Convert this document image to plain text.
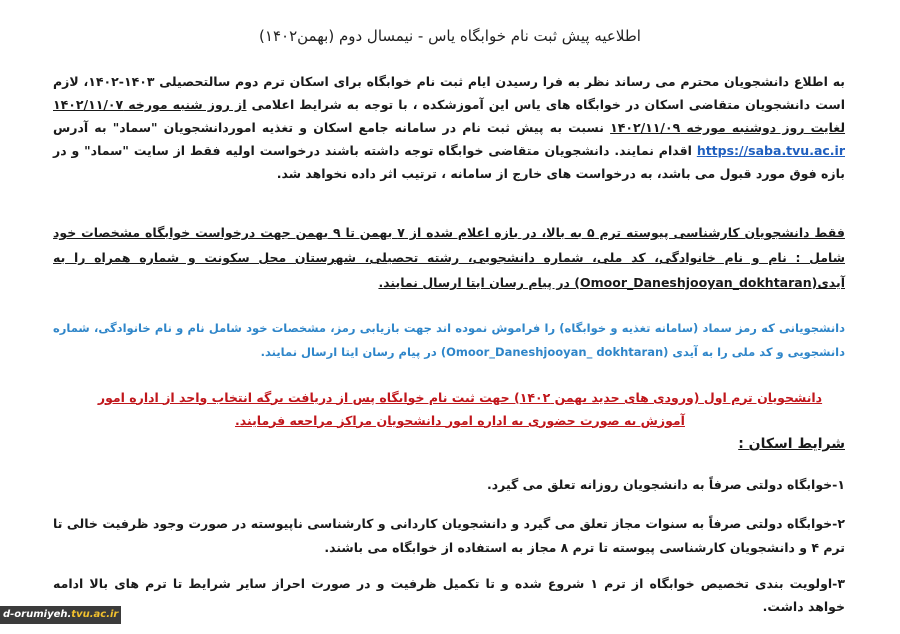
اطلاعیه پیش ثبت نام خوابگاه یاس - نیمسال دوم (بهمن۱۴۰۲)

به اطلاع دانشجویان محترم می رساند نظر به فرا رسیدن ایام ثبت نام خوابگاه برای اسکان ترم دوم سالتحصیلی ۱۴۰۳-۱۴۰۲، لازم است دانشجویان متقاضی اسکان در خوابگاه های یاس این آموزشکده ، با توجه به شرایط اعلامی از روز شنبه مورخه ۱۴۰۲/۱۱/۰۷ لغایت روز دوشنبه مورخه ۱۴۰۲/۱۱/۰۹ نسبت به پیش ثبت نام در سامانه جامع اسکان و تغذیه اموردانشجویان "سماد" به آدرس https://saba.tvu.ac.ir اقدام نمایند. دانشجویان متقاضی خوابگاه توجه داشته باشند درخواست اولیه فقط از سایت "سماد" و در بازه فوق مورد قبول می باشد، به درخواست های خارج از سامانه ، ترتیب اثر داده نخواهد شد.

فقط دانشجویان کارشناسی پیوسته ترم ۵ به بالا، در بازه اعلام شده از ۷ بهمن تا ۹ بهمن جهت درخواست خوابگاه مشخصات خود شامل : نام و نام خانوادگی، کد ملی، شماره دانشجویی، رشته تحصیلی، شهرستان محل سکونت و شماره همراه را به آیدی(Omoor_Daneshjooyan_dokhtaran) در پیام رسان ایتا ارسال نمایند.

دانشجویانی که رمز سماد (سامانه تغذیه و خوابگاه) را فراموش نموده اند جهت بازیابی رمز، مشخصات خود شامل نام و نام خانوادگی، شماره دانشجویی و کد ملی را به آیدی (Omoor_Daneshjooyan_ dokhtaran) در پیام رسان ایتا ارسال نمایند.

دانشجویان ترم اول (ورودی های جدید بهمن ۱۴۰۲) جهت ثبت نام خوابگاه پس از دریافت برگه انتخاب واحد از اداره امور آموزش به صورت حضوری به اداره امور دانشجویان مراکز مراجعه فرمایند.

شرایط اسکان :

۱-خوابگاه دولتی صرفاً به دانشجویان روزانه تعلق می گیرد.

۲-خوابگاه دولتی صرفاً به سنوات مجاز تعلق می گیرد و دانشجویان کاردانی و کارشناسی ناپیوسته در صورت وجود ظرفیت خالی تا ترم ۴ و دانشجویان کارشناسی پیوسته تا ترم ۸ مجاز به استفاده از خوابگاه می باشند.

۳-اولویت بندی تخصیص خوابگاه از ترم ۱ شروع شده و تا تکمیل ظرفیت و در صورت احراز سایر شرایط تا ترم های بالا ادامه خواهد داشت.

d-orumiyeh.tvu.ac.ir
